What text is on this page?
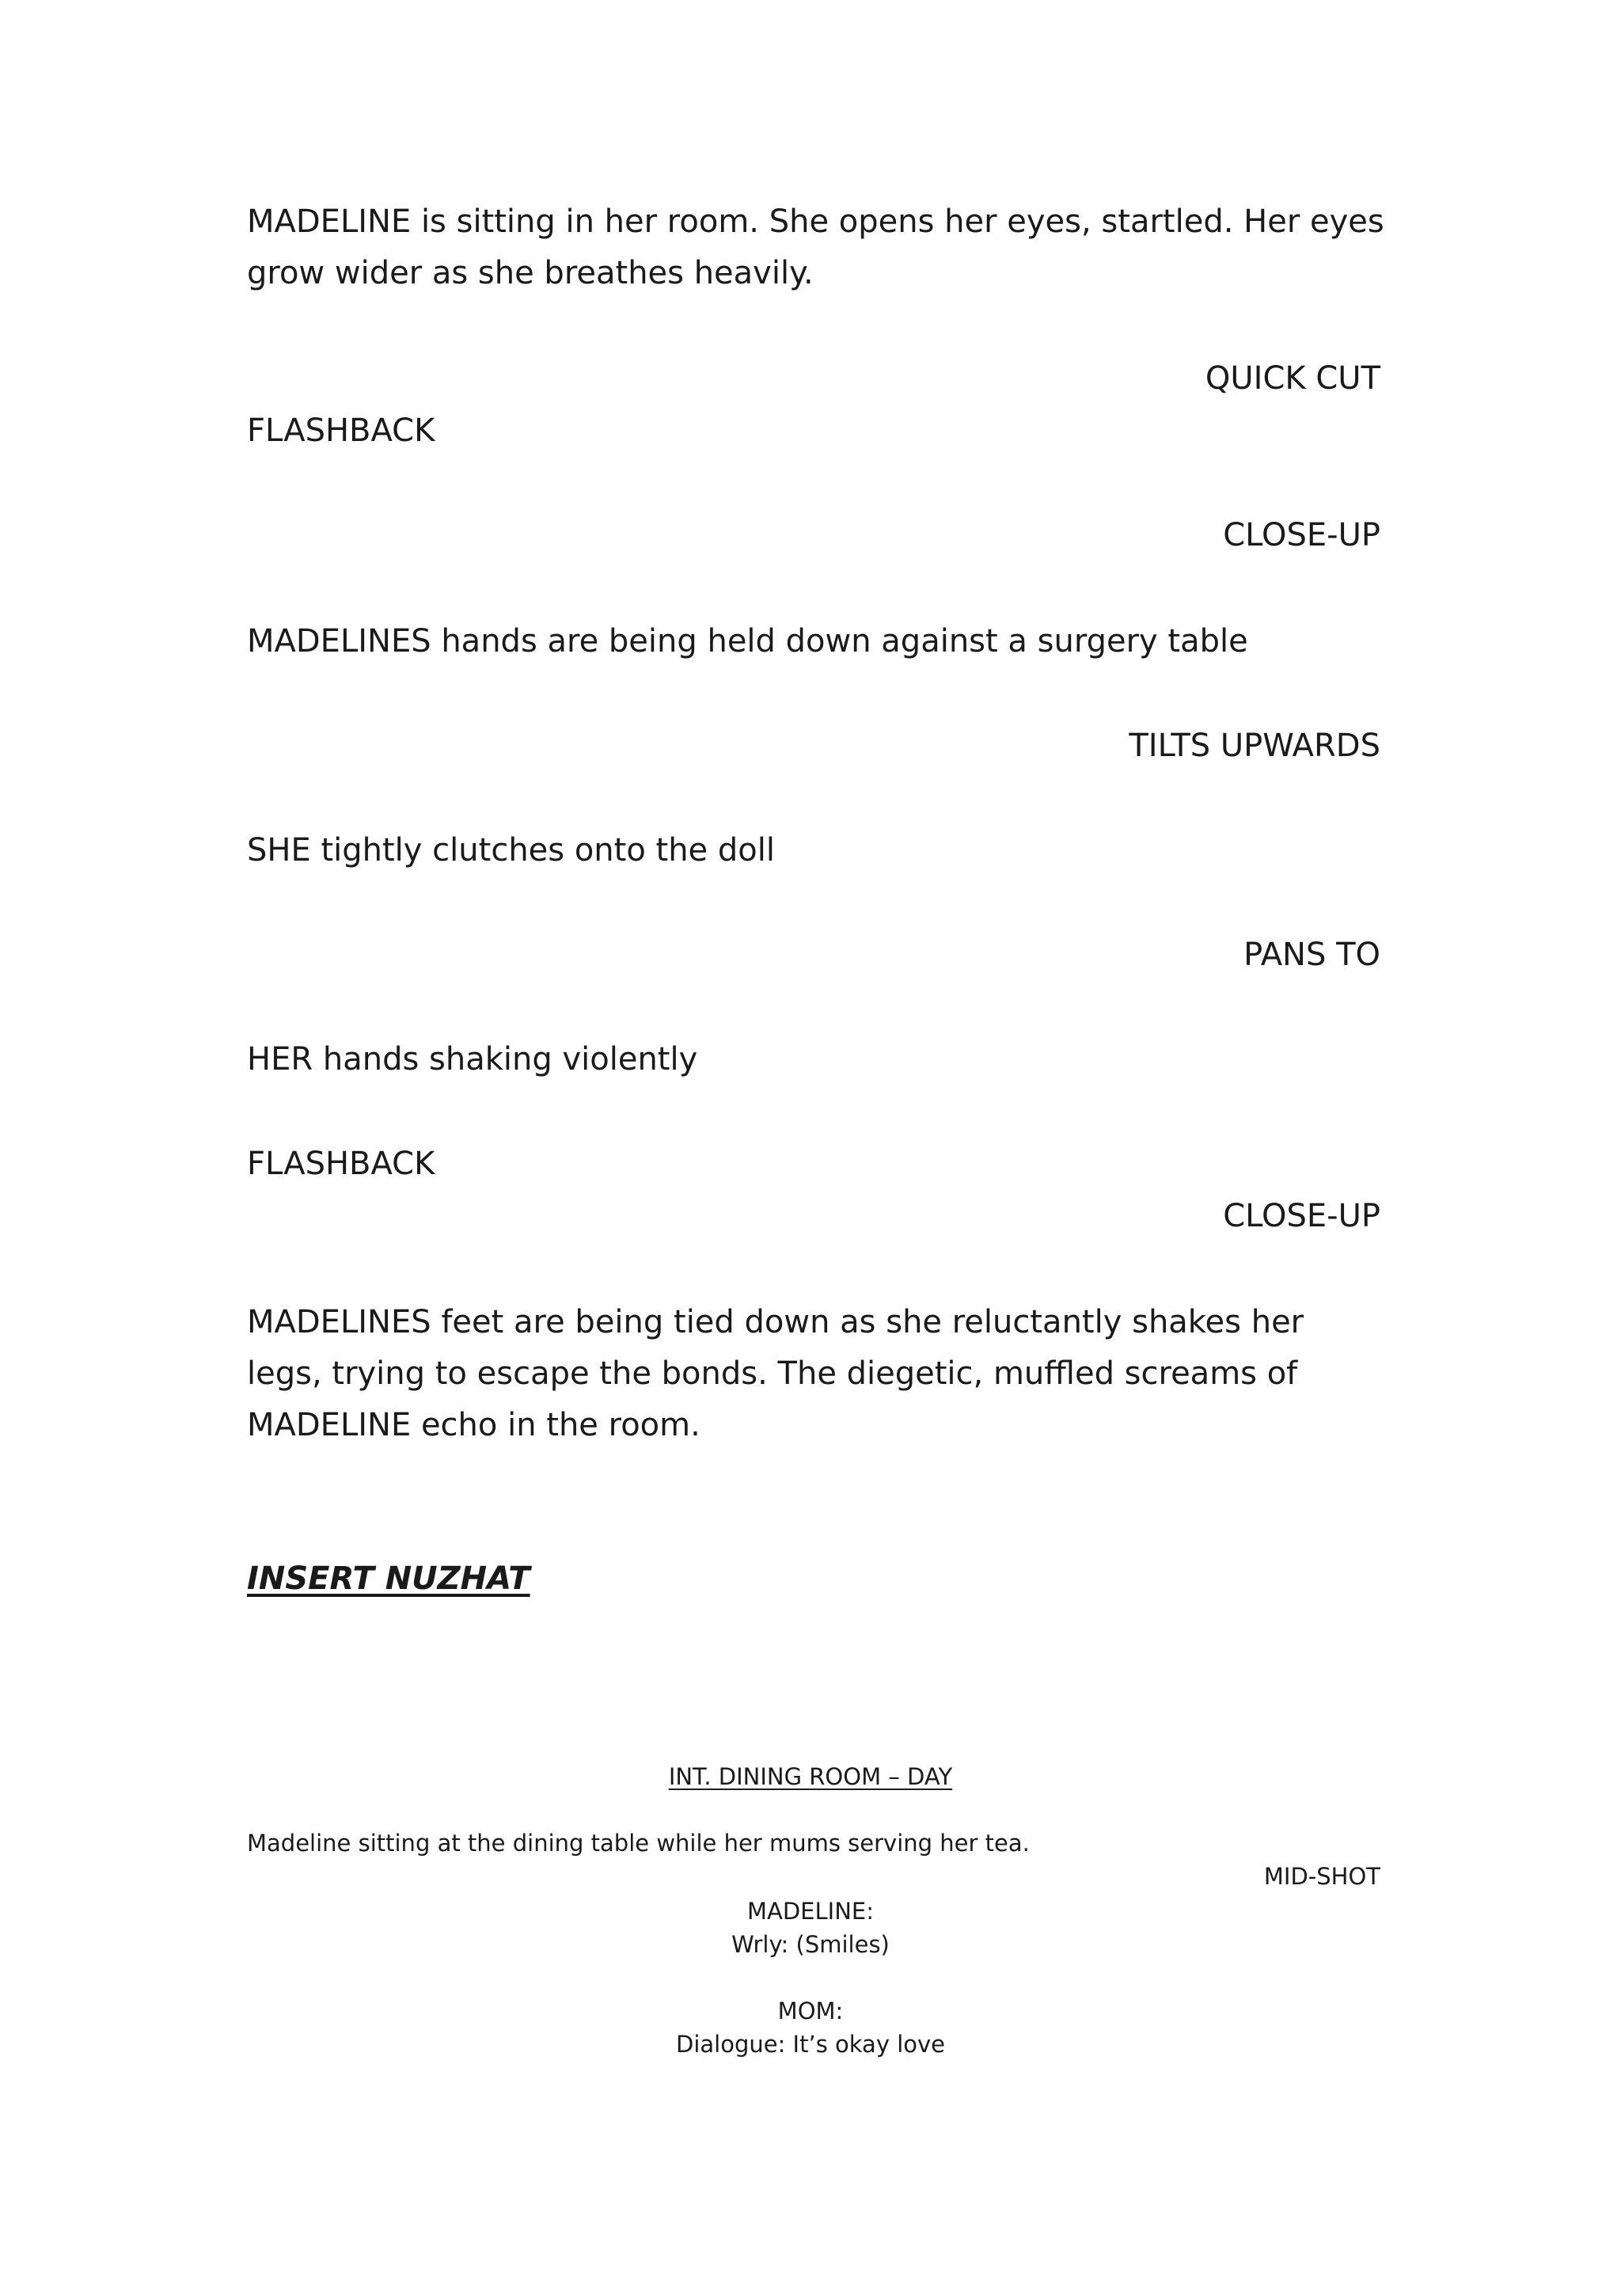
MADELINE is sitting in her room. She opens her eyes, startled. Her eyes grow wider as she breathes heavily.
QUICK CUT
FLASHBACK
CLOSE-UP
MADELINES hands are being held down against a surgery table
TILTS UPWARDS
SHE tightly clutches onto the doll
PANS TO
HER hands shaking violently
FLASHBACK
CLOSE-UP
MADELINES feet are being tied down as she reluctantly shakes her legs, trying to escape the bonds. The diegetic, muffled screams of MADELINE echo in the room.
INSERT NUZHAT
INT. DINING ROOM – DAY
Madeline sitting at the dining table while her mums serving her tea.
MID-SHOT
MADELINE:
Wrly: (Smiles)
MOM:
Dialogue: It’s okay love
